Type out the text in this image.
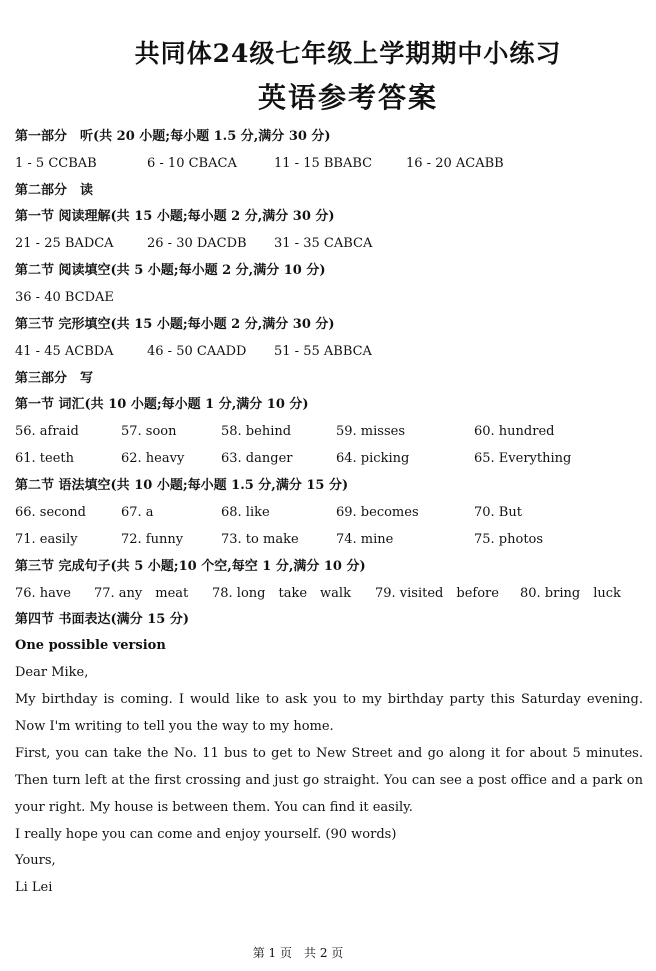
共同体24级七年级上学期期中小练习
英语参考答案
第一部分　听(共 20 小题;每小题 1.5 分,满分 30 分)
1 - 5 CCBAB	6 - 10 CBACA	11 - 15 BBABC	16 - 20 ACABB
第二部分　读
第一节 阅读理解(共 15 小题;每小题 2 分,满分 30 分)
21 - 25 BADCA	26 - 30 DACDB 31 - 35 CABCA
第二节 阅读填空(共 5 小题;每小题 2 分,满分 10 分)
36 - 40 BCDAE
第三节 完形填空(共 15 小题;每小题 2 分,满分 30 分)
41 - 45 ACBDA	46 - 50 CAADD 51 - 55 ABBCA
第三部分　写
第一节 词汇(共 10 小题;每小题 1 分,满分 10 分)
56. afraid	57. soon	58. behind	59. misses	60. hundred
61. teeth	62. heavy	63. danger	64. picking	65. Everything
第二节 语法填空(共 10 小题;每小题 1.5 分,满分 15 分)
66. second	67. a	68. like	69. becomes	70. But
71. easily	72. funny	73. to make	74. mine	75. photos
第三节 完成句子(共 5 小题;10 个空,每空 1 分,满分 10 分)
76. have 77. any　meat 78. long　take　walk 79. visited　before 80. bring　luck
第四节 书面表达(满分 15 分)
One possible version
Dear Mike,
My birthday is coming. I would like to ask you to my birthday party this Saturday evening. Now I'm writing to tell you the way to my home.
First, you can take the No. 11 bus to get to New Street and go along it for about 5 minutes. Then turn left at the first crossing and just go straight. You can see a post office and a park on your right. My house is between them. You can find it easily.
I really hope you can come and enjoy yourself. (90 words)
Yours,
Li Lei
第 1 页　共 2 页
